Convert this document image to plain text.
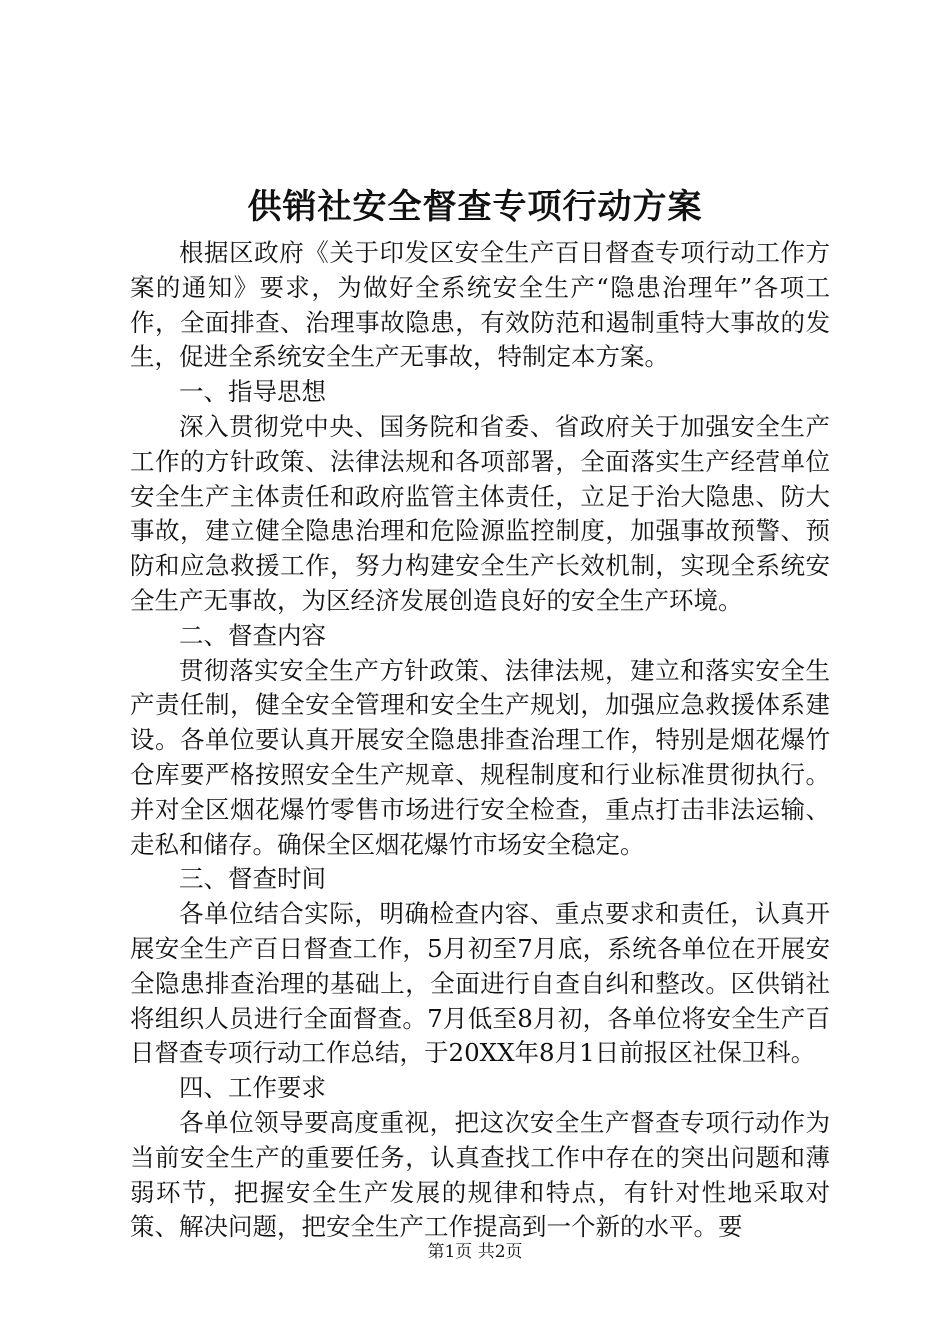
供销社安全督查专项行动方案

根据区政府《关于印发区安全生产百日督查专项行动工作方案的通知》要求，为做好全系统安全生产“隐患治理年”各项工作，全面排查、治理事故隐患，有效防范和遏制重特大事故的发生，促进全系统安全生产无事故，特制定本方案。

一、指导思想

深入贯彻党中央、国务院和省委、省政府关于加强安全生产工作的方针政策、法律法规和各项部署，全面落实生产经营单位安全生产主体责任和政府监管主体责任，立足于治大隐患、防大事故，建立健全隐患治理和危险源监控制度，加强事故预警、预防和应急救援工作，努力构建安全生产长效机制，实现全系统安全生产无事故，为区经济发展创造良好的安全生产环境。

二、督查内容

贯彻落实安全生产方针政策、法律法规，建立和落实安全生产责任制，健全安全管理和安全生产规划，加强应急救援体系建设。各单位要认真开展安全隐患排查治理工作，特别是烟花爆竹仓库要严格按照安全生产规章、规程制度和行业标准贯彻执行。并对全区烟花爆竹零售市场进行安全检查，重点打击非法运输、走私和储存。确保全区烟花爆竹市场安全稳定。

三、督查时间

各单位结合实际，明确检查内容、重点要求和责任，认真开展安全生产百日督查工作，5月初至7月底，系统各单位在开展安全隐患排查治理的基础上，全面进行自查自纠和整改。区供销社将组织人员进行全面督查。7月低至8月初，各单位将安全生产百日督查专项行动工作总结，于20XX年8月1日前报区社保卫科。

四、工作要求

各单位领导要高度重视，把这次安全生产督查专项行动作为当前安全生产的重要任务，认真查找工作中存在的突出问题和薄弱环节，把握安全生产发展的规律和特点，有针对性地采取对策、解决问题，把安全生产工作提高到一个新的水平。要

第1页 共2页
